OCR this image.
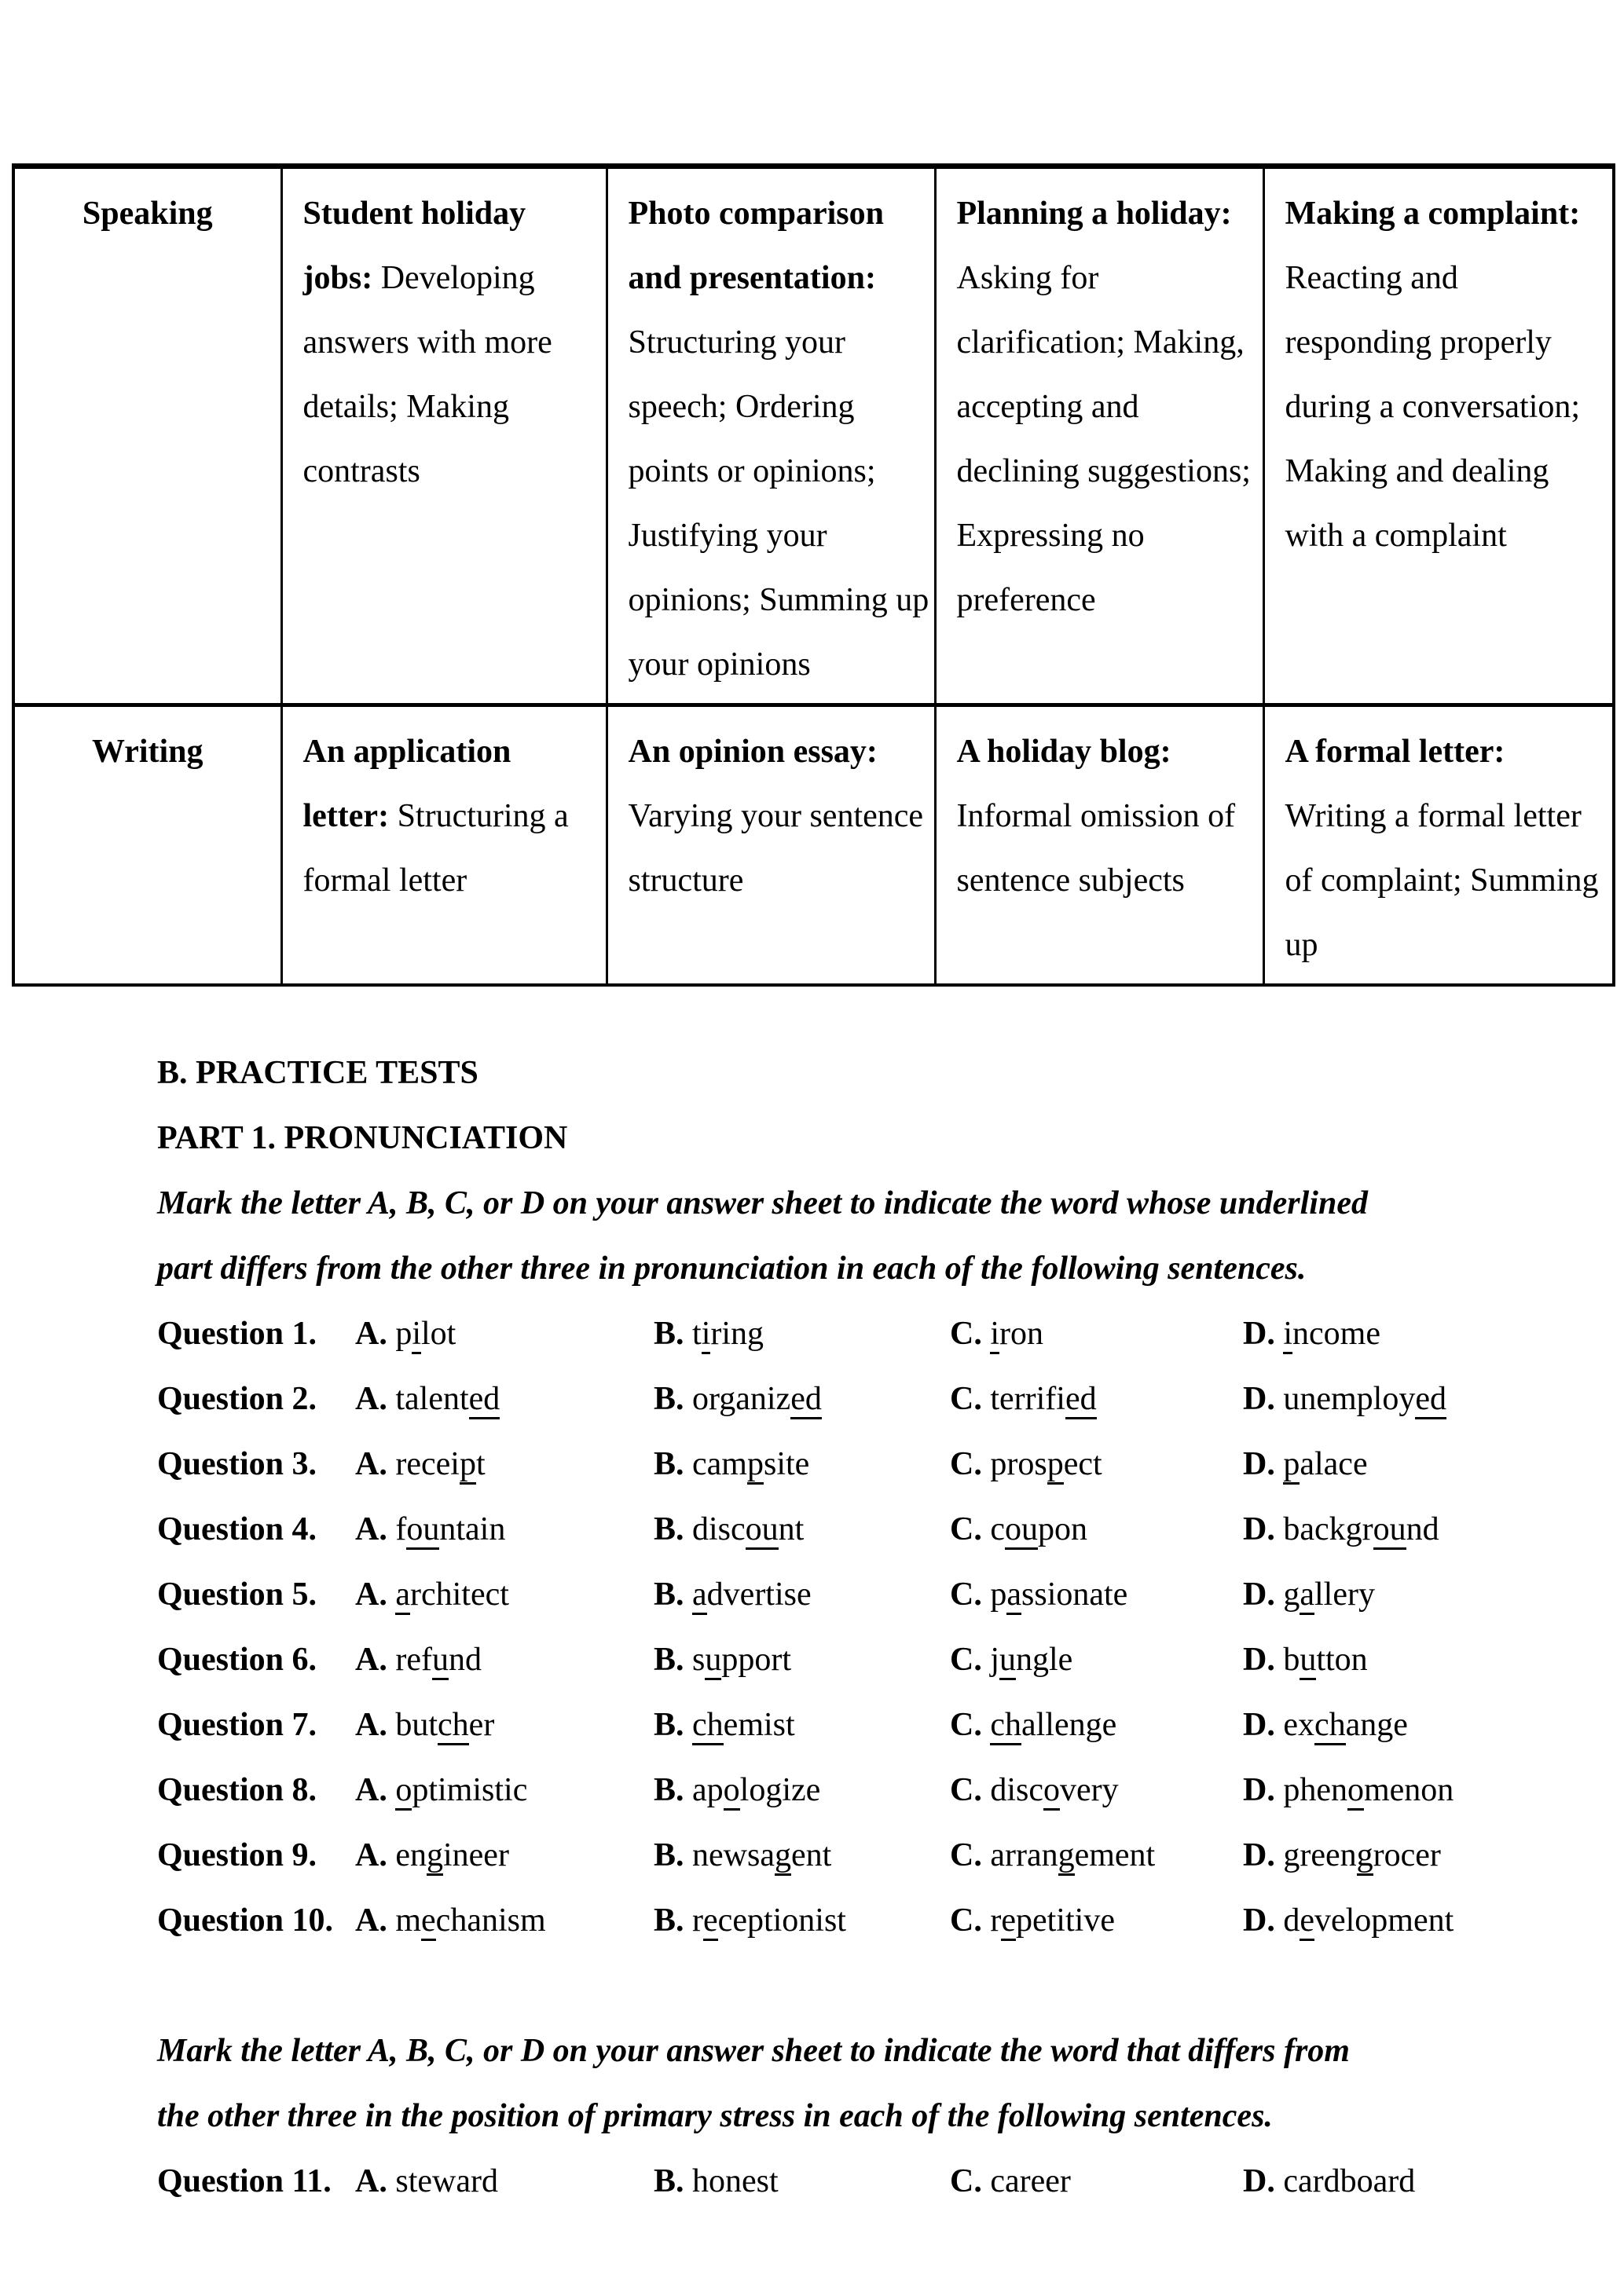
Speaking	Student holiday jobs: Developing answers with more details; Making contrasts	Photo comparison and presentation: Structuring your speech; Ordering points or opinions; Justifying your opinions; Summing up your opinions	Planning a holiday: Asking for clarification; Making, accepting and declining suggestions; Expressing no preference	Making a complaint: Reacting and responding properly during a conversation; Making and dealing with a complaint
Writing	An application letter: Structuring a formal letter	An opinion essay: Varying your sentence structure	A holiday blog: Informal omission of sentence subjects	A formal letter: Writing a formal letter of complaint; Summing up
B. PRACTICE TESTS
PART 1. PRONUNCIATION
Mark the letter A, B, C, or D on your answer sheet to indicate the word whose underlined
part differs from the other three in pronunciation in each of the following sentences.
Question 1.	A. pilot	B. tiring	C. iron	D. income
Question 2.	A. talented	B. organized	C. terrified	D. unemployed
Question 3.	A. receipt	B. campsite	C. prospect	D. palace
Question 4.	A. fountain	B. discount	C. coupon	D. background
Question 5.	A. architect	B. advertise	C. passionate	D. gallery
Question 6.	A. refund	B. support	C. jungle	D. button
Question 7.	A. butcher	B. chemist	C. challenge	D. exchange
Question 8.	A. optimistic	B. apologize	C. discovery	D. phenomenon
Question 9.	A. engineer	B. newsagent	C. arrangement	D. greengrocer
Question 10. A. mechanism	B. receptionist	C. repetitive	D. development
Mark the letter A, B, C, or D on your answer sheet to indicate the word that differs from
the other three in the position of primary stress in each of the following sentences.
Question 11. A. steward	B. honest	C. career	D. cardboard
